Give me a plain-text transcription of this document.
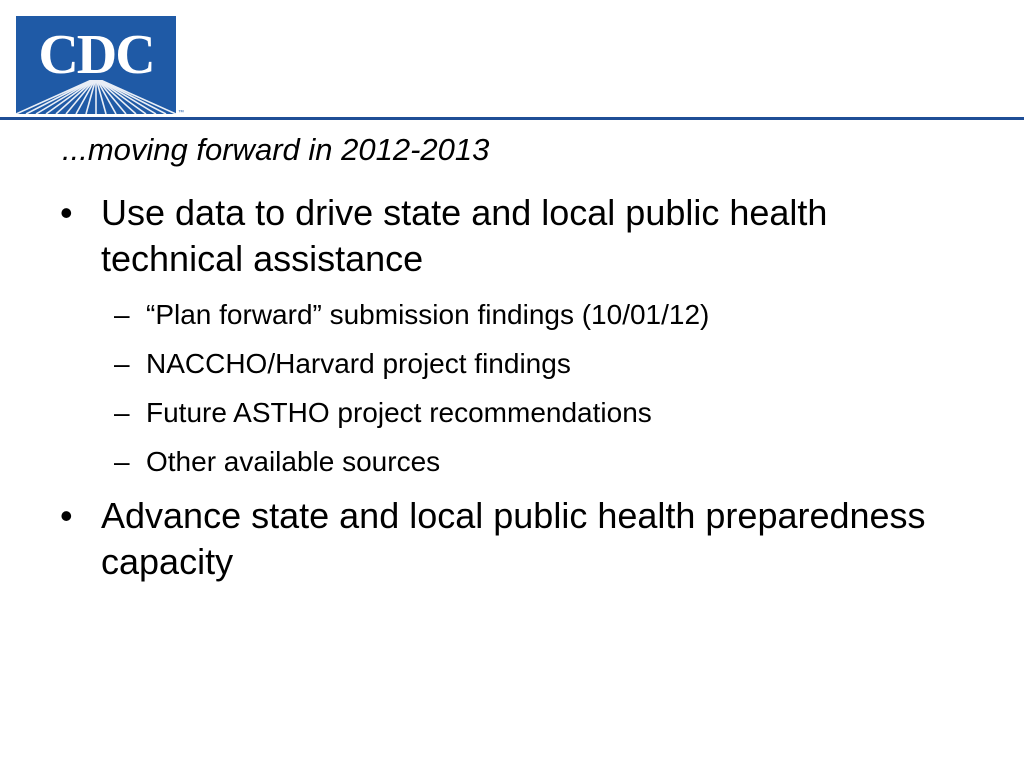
CDC
™
...moving forward in 2012-2013
• Use data to drive state and local public health technical assistance
– “Plan forward” submission findings (10/01/12)
– NACCHO/Harvard project findings
– Future ASTHO project recommendations
– Other available sources
• Advance state and local public health preparedness capacity
